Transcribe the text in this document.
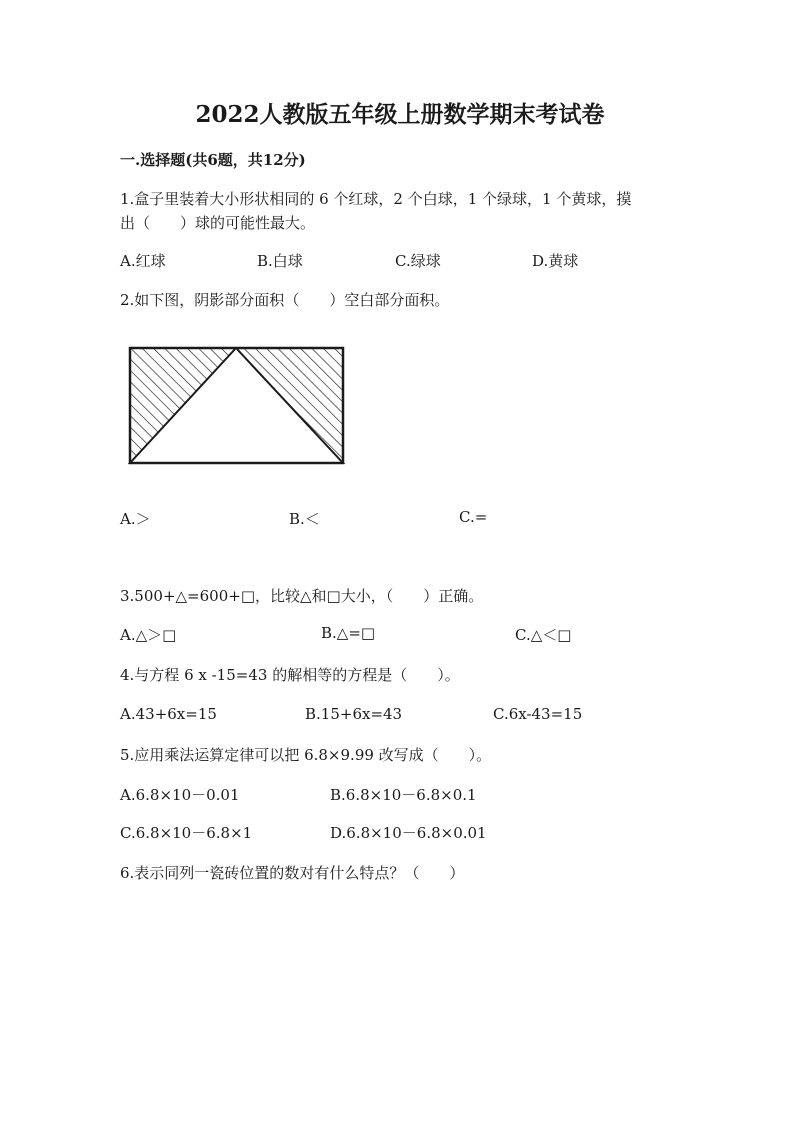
2022人教版五年级上册数学期末考试卷
一.选择题(共6题，共12分)

1.盒子里装着大小形状相同的 6 个红球，2 个白球，1 个绿球，1 个黄球，摸

出（　　）球的可能性最大。

A.红球	B.白球	C.绿球	D.黄球

2.如下图，阴影部分面积（　　）空白部分面积。

A.＞	B.＜	C.=

3.500+△=600+□，比较△和□大小，（　　）正确。

A.△＞□	B.△=□	C.△＜□

4.与方程 6 x -15=43 的解相等的方程是（　　）。

A.43+6x=15	B.15+6x=43	C.6x-43=15

5.应用乘法运算定律可以把 6.8×9.99 改写成（　　）。

A.6.8×10－0.01	B.6.8×10－6.8×0.1

C.6.8×10－6.8×1	D.6.8×10－6.8×0.01

6.表示同列一瓷砖位置的数对有什么特点？（　　）
